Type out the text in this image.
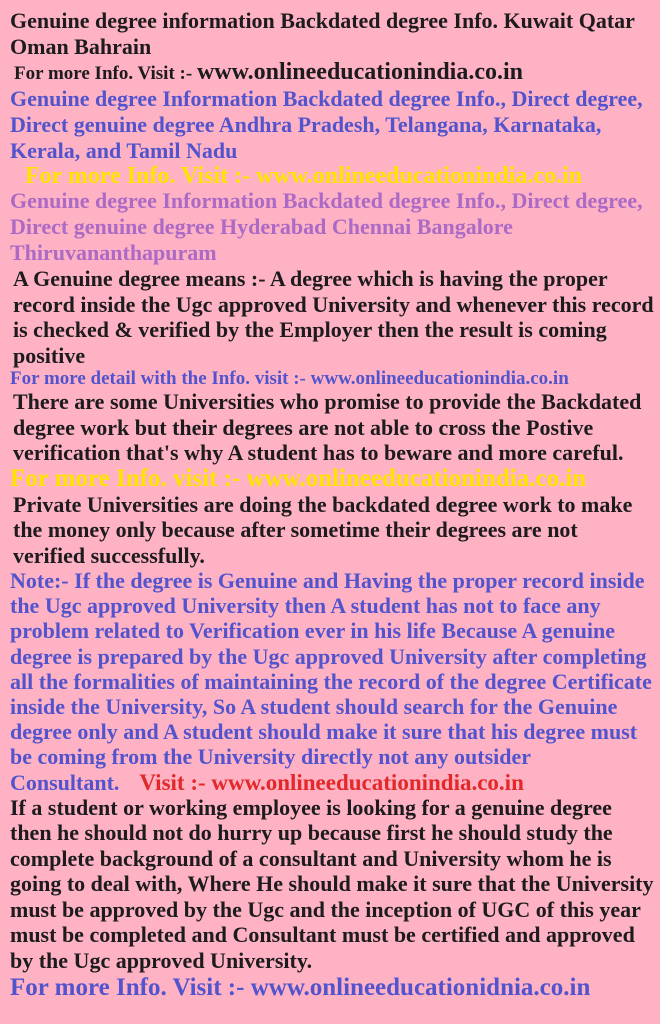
Genuine degree information Backdated degree Info. Kuwait Qatar Oman Bahrain

For more Info. Visit :- www.onlineeducationindia.co.in

Genuine degree Information Backdated degree Info., Direct degree, Direct genuine degree Andhra Pradesh, Telangana, Karnataka, Kerala, and Tamil Nadu

For more Info. Visit :- www.onlineeducationindia.co.in

Genuine degree Information Backdated degree Info., Direct degree, Direct genuine degree Hyderabad Chennai Bangalore Thiruvananthapuram

A Genuine degree means :- A degree which is having the proper record inside the Ugc approved University and whenever this record is checked & verified by the Employer then the result is coming positive

For more detail with the Info. visit :- www.onlineeducationindia.co.in

There are some Universities who promise to provide the Backdated degree work but their degrees are not able to cross the Postive verification that's why A student has to beware and more careful.

For more Info. visit :- www.onlineeducationindia.co.in

Private Universities are doing the backdated degree work to make the money only because after sometime their degrees are not verified successfully.

Note:- If the degree is Genuine and Having the proper record inside the Ugc approved University then A student has not to face any problem related to Verification ever in his life Because A genuine degree is prepared by the Ugc approved University after completing all the formalities of maintaining the record of the degree Certificate inside the University, So A student should search for the Genuine degree only and A student should make it sure that his degree must be coming from the University directly not any outsider Consultant. Visit :- www.onlineeducationindia.co.in

If a student or working employee is looking for a genuine degree then he should not do hurry up because first he should study the complete background of a consultant and University whom he is going to deal with, Where He should make it sure that the University must be approved by the Ugc and the inception of UGC of this year must be completed and Consultant must be certified and approved by the Ugc approved University.

For more Info. Visit :- www.onlineeducationidnia.co.in
